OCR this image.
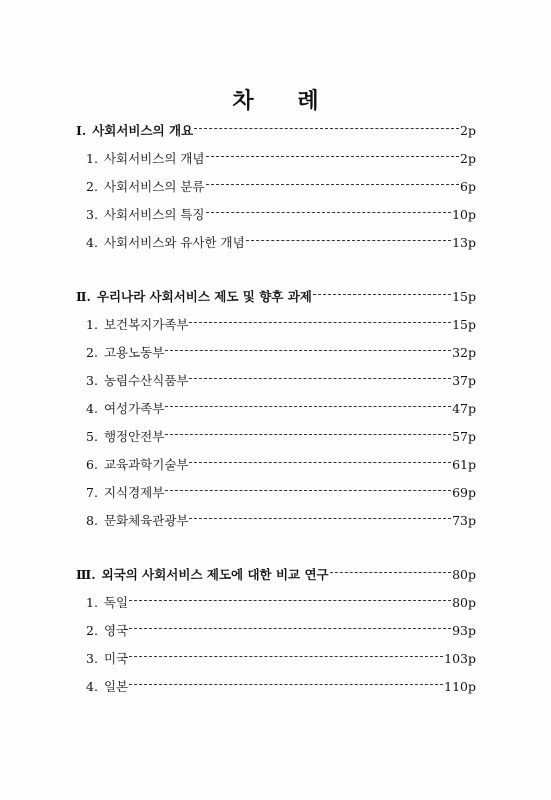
차 례
Ⅰ. 사회서비스의 개요	2p
1. 사회서비스의 개념	2p
2. 사회서비스의 분류	6p
3. 사회서비스의 특징	10p
4. 사회서비스와 유사한 개념	13p
Ⅱ. 우리나라 사회서비스 제도 및 향후 과제	15p
1. 보건복지가족부	15p
2. 고용노동부	32p
3. 농림수산식품부	37p
4. 여성가족부	47p
5. 행정안전부	57p
6. 교육과학기술부	61p
7. 지식경제부	69p
8. 문화체육관광부	73p
Ⅲ. 외국의 사회서비스 제도에 대한 비교 연구	80p
1. 독일	80p
2. 영국	93p
3. 미국	103p
4. 일본	110p
